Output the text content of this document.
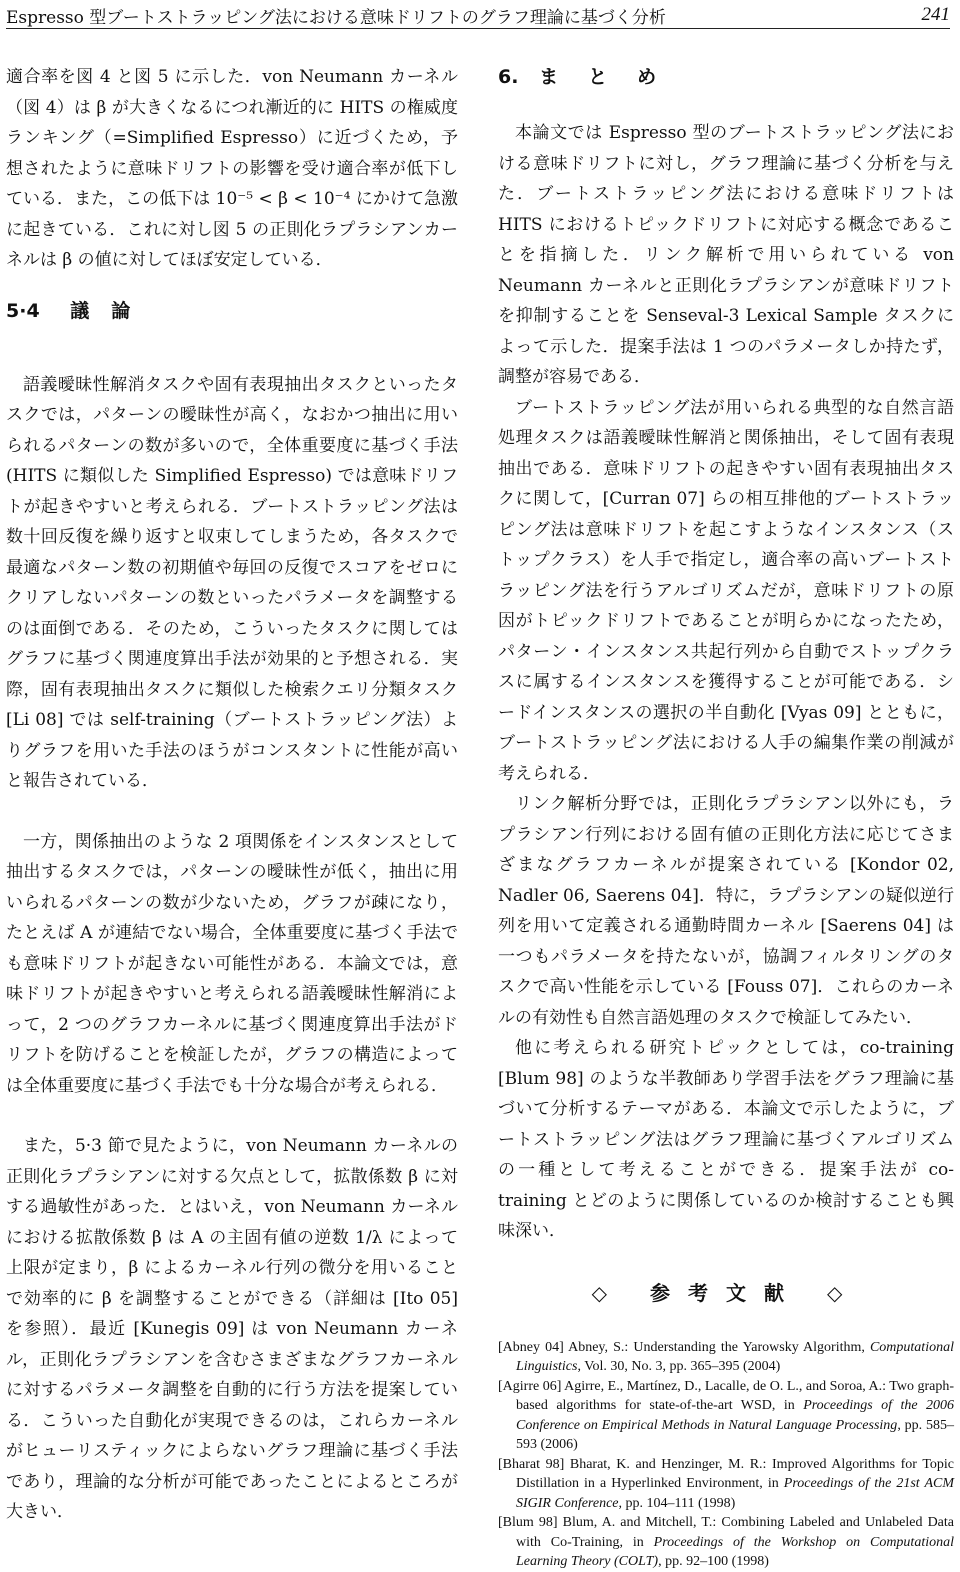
Espresso 型ブートストラッピング法における意味ドリフトのグラフ理論に基づく分析	241

適合率を図 4 と図 5 に示した．von Neumann カーネル（図 4）は β が大きくなるにつれ漸近的に HITS の権威度ランキング（=Simplified Espresso）に近づくため，予想されたように意味ドリフトの影響を受け適合率が低下している．また，この低下は 10⁻⁵ < β < 10⁻⁴ にかけて急激に起きている．これに対し図 5 の正則化ラプラシアンカーネルは β の値に対してほぼ安定している．

5·4 議論

語義曖昧性解消タスクや固有表現抽出タスクといったタスクでは，パターンの曖昧性が高く，なおかつ抽出に用いられるパターンの数が多いので，全体重要度に基づく手法 (HITS に類似した Simplified Espresso) では意味ドリフトが起きやすいと考えられる．ブートストラッピング法は数十回反復を繰り返すと収束してしまうため，各タスクで最適なパターン数の初期値や毎回の反復でスコアをゼロにクリアしないパターンの数といったパラメータを調整するのは面倒である．そのため，こういったタスクに関してはグラフに基づく関連度算出手法が効果的と予想される．実際，固有表現抽出タスクに類似した検索クエリ分類タスク [Li 08] では self-training（ブートストラッピング法）よりグラフを用いた手法のほうがコンスタントに性能が高いと報告されている．

一方，関係抽出のような 2 項関係をインスタンスとして抽出するタスクでは，パターンの曖昧性が低く，抽出に用いられるパターンの数が少ないため，グラフが疎になり，たとえば A が連結でない場合，全体重要度に基づく手法でも意味ドリフトが起きない可能性がある．本論文では，意味ドリフトが起きやすいと考えられる語義曖昧性解消によって，2 つのグラフカーネルに基づく関連度算出手法がドリフトを防げることを検証したが，グラフの構造によっては全体重要度に基づく手法でも十分な場合が考えられる．

また，5·3 節で見たように，von Neumann カーネルの正則化ラプラシアンに対する欠点として，拡散係数 β に対する過敏性があった．とはいえ，von Neumann カーネルにおける拡散係数 β は A の主固有値の逆数 1/λ によって上限が定まり，β によるカーネル行列の微分を用いることで効率的に β を調整することができる（詳細は [Ito 05] を参照）．最近 [Kunegis 09] は von Neumann カーネル，正則化ラプラシアンを含むさまざまなグラフカーネルに対するパラメータ調整を自動的に行う方法を提案している．こういった自動化が実現できるのは，これらカーネルがヒューリスティックによらないグラフ理論に基づく手法であり，理論的な分析が可能であったことによるところが大きい．

6. まとめ

本論文では Espresso 型のブートストラッピング法における意味ドリフトに対し，グラフ理論に基づく分析を与えた．ブートストラッピング法における意味ドリフトは HITS におけるトピックドリフトに対応する概念であることを指摘した．リンク解析で用いられている von Neumann カーネルと正則化ラプラシアンが意味ドリフトを抑制することを Senseval-3 Lexical Sample タスクによって示した．提案手法は 1 つのパラメータしか持たず，調整が容易である．

ブートストラッピング法が用いられる典型的な自然言語処理タスクは語義曖昧性解消と関係抽出，そして固有表現抽出である．意味ドリフトの起きやすい固有表現抽出タスクに関して，[Curran 07] らの相互排他的ブートストラッピング法は意味ドリフトを起こすようなインスタンス（ストップクラス）を人手で指定し，適合率の高いブートストラッピング法を行うアルゴリズムだが，意味ドリフトの原因がトピックドリフトであることが明らかになったため，パターン・インスタンス共起行列から自動でストップクラスに属するインスタンスを獲得することが可能である．シードインスタンスの選択の半自動化 [Vyas 09] とともに，ブートストラッピング法における人手の編集作業の削減が考えられる．

リンク解析分野では，正則化ラプラシアン以外にも，ラプラシアン行列における固有値の正則化方法に応じてさまざまなグラフカーネルが提案されている [Kondor 02, Nadler 06, Saerens 04]．特に，ラプラシアンの疑似逆行列を用いて定義される通勤時間カーネル [Saerens 04] は一つもパラメータを持たないが，協調フィルタリングのタスクで高い性能を示している [Fouss 07]．これらのカーネルの有効性も自然言語処理のタスクで検証してみたい．

他に考えられる研究トピックとしては，co-training [Blum 98] のような半教師あり学習手法をグラフ理論に基づいて分析するテーマがある．本論文で示したように，ブートストラッピング法はグラフ理論に基づくアルゴリズムの一種として考えることができる．提案手法が co-training とどのように関係しているのか検討することも興味深い．

◇ 参考文献 ◇
[Abney 04] Abney, S.: Understanding the Yarowsky Algorithm, Computational Linguistics, Vol. 30, No. 3, pp. 365–395 (2004)
[Agirre 06] Agirre, E., Martínez, D., Lacalle, de O. L., and Soroa, A.: Two graph-based algorithms for state-of-the-art WSD, in Proceedings of the 2006 Conference on Empirical Methods in Natural Language Processing, pp. 585–593 (2006)
[Bharat 98] Bharat, K. and Henzinger, M. R.: Improved Algorithms for Topic Distillation in a Hyperlinked Environment, in Proceedings of the 21st ACM SIGIR Conference, pp. 104–111 (1998)
[Blum 98] Blum, A. and Mitchell, T.: Combining Labeled and Unlabeled Data with Co-Training, in Proceedings of the Workshop on Computational Learning Theory (COLT), pp. 92–100 (1998)
